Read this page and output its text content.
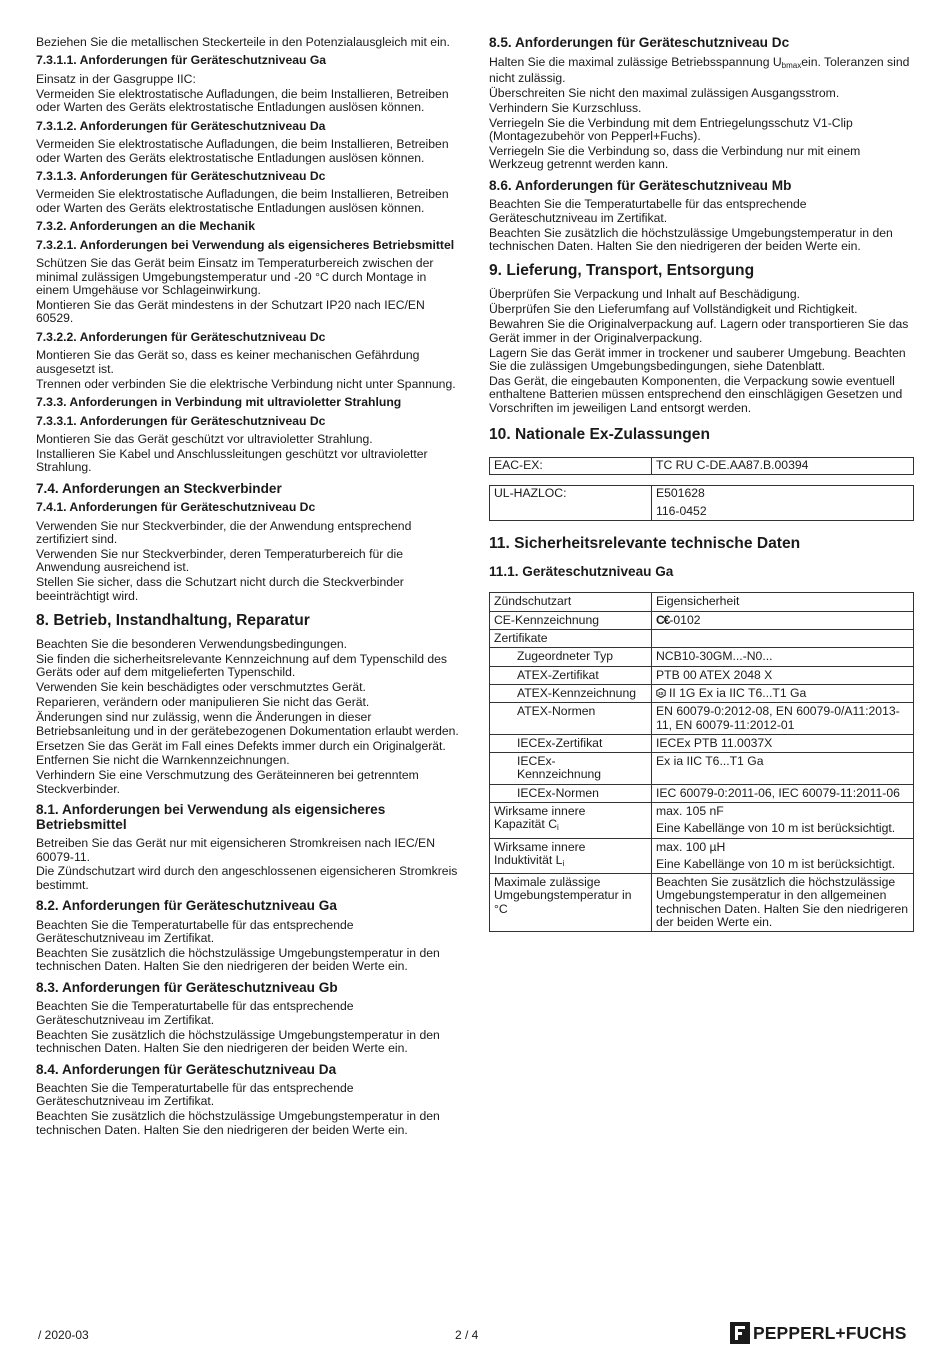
Beziehen Sie die metallischen Steckerteile in den Potenzialausgleich mit ein.

7.3.1.1. Anforderungen für Geräteschutzniveau Ga

Einsatz in der Gasgruppe IIC:

Vermeiden Sie elektrostatische Aufladungen, die beim Installieren, Betreiben oder Warten des Geräts elektrostatische Entladungen auslösen können.

7.3.1.2. Anforderungen für Geräteschutzniveau Da

Vermeiden Sie elektrostatische Aufladungen, die beim Installieren, Betreiben oder Warten des Geräts elektrostatische Entladungen auslösen können.

7.3.1.3. Anforderungen für Geräteschutzniveau Dc

Vermeiden Sie elektrostatische Aufladungen, die beim Installieren, Betreiben oder Warten des Geräts elektrostatische Entladungen auslösen können.

7.3.2. Anforderungen an die Mechanik
7.3.2.1. Anforderungen bei Verwendung als eigensicheres Betriebsmittel

Schützen Sie das Gerät beim Einsatz im Temperaturbereich zwischen der minimal zulässigen Umgebungstemperatur und -20 °C durch Montage in einem Umgehäuse vor Schlageinwirkung.

Montieren Sie das Gerät mindestens in der Schutzart IP20 nach IEC/EN 60529.

7.3.2.2. Anforderungen für Geräteschutzniveau Dc

Montieren Sie das Gerät so, dass es keiner mechanischen Gefährdung ausgesetzt ist.

Trennen oder verbinden Sie die elektrische Verbindung nicht unter Spannung.

7.3.3. Anforderungen in Verbindung mit ultravioletter Strahlung
7.3.3.1. Anforderungen für Geräteschutzniveau Dc

Montieren Sie das Gerät geschützt vor ultravioletter Strahlung.

Installieren Sie Kabel und Anschlussleitungen geschützt vor ultravioletter Strahlung.

7.4. Anforderungen an Steckverbinder
7.4.1. Anforderungen für Geräteschutzniveau Dc

Verwenden Sie nur Steckverbinder, die der Anwendung entsprechend zertifiziert sind.

Verwenden Sie nur Steckverbinder, deren Temperaturbereich für die Anwendung ausreichend ist.

Stellen Sie sicher, dass die Schutzart nicht durch die Steckverbinder beeinträchtigt wird.

8. Betrieb, Instandhaltung, Reparatur

Beachten Sie die besonderen Verwendungsbedingungen.

Sie finden die sicherheitsrelevante Kennzeichnung auf dem Typenschild des Geräts oder auf dem mitgelieferten Typenschild.

Verwenden Sie kein beschädigtes oder verschmutztes Gerät.

Reparieren, verändern oder manipulieren Sie nicht das Gerät.

Änderungen sind nur zulässig, wenn die Änderungen in dieser Betriebsanleitung und in der gerätebezogenen Dokumentation erlaubt werden.

Ersetzen Sie das Gerät im Fall eines Defekts immer durch ein Originalgerät.

Entfernen Sie nicht die Warnkennzeichnungen.

Verhindern Sie eine Verschmutzung des Geräteinneren bei getrenntem Steckverbinder.

8.1. Anforderungen bei Verwendung als eigensicheres Betriebsmittel

Betreiben Sie das Gerät nur mit eigensicheren Stromkreisen nach IEC/EN 60079-11.

Die Zündschutzart wird durch den angeschlossenen eigensicheren Stromkreis bestimmt.

8.2. Anforderungen für Geräteschutzniveau Ga

Beachten Sie die Temperaturtabelle für das entsprechende Geräteschutzniveau im Zertifikat.

Beachten Sie zusätzlich die höchstzulässige Umgebungstemperatur in den technischen Daten. Halten Sie den niedrigeren der beiden Werte ein.

8.3. Anforderungen für Geräteschutzniveau Gb

Beachten Sie die Temperaturtabelle für das entsprechende Geräteschutzniveau im Zertifikat.

Beachten Sie zusätzlich die höchstzulässige Umgebungstemperatur in den technischen Daten. Halten Sie den niedrigeren der beiden Werte ein.

8.4. Anforderungen für Geräteschutzniveau Da

Beachten Sie die Temperaturtabelle für das entsprechende Geräteschutzniveau im Zertifikat.

Beachten Sie zusätzlich die höchstzulässige Umgebungstemperatur in den technischen Daten. Halten Sie den niedrigeren der beiden Werte ein.

8.5. Anforderungen für Geräteschutzniveau Dc

Halten Sie die maximal zulässige Betriebsspannung $U_{bmax}ein$. Toleranzen sind nicht zulässig.

Überschreiten Sie nicht den maximal zulässigen Ausgangsstrom.

Verhindern Sie Kurzschluss.

Verriegeln Sie die Verbindung mit dem Entriegelungsschutz V1-Clip (Montagezubehör von Pepperl+Fuchs).

Verriegeln Sie die Verbindung so, dass die Verbindung nur mit einem Werkzeug getrennt werden kann.

8.6. Anforderungen für Geräteschutzniveau Mb

Beachten Sie die Temperaturtabelle für das entsprechende Geräteschutzniveau im Zertifikat.

Beachten Sie zusätzlich die höchstzulässige Umgebungstemperatur in den technischen Daten. Halten Sie den niedrigeren der beiden Werte ein.

9. Lieferung, Transport, Entsorgung

Überprüfen Sie Verpackung und Inhalt auf Beschädigung.

Überprüfen Sie den Lieferumfang auf Vollständigkeit und Richtigkeit.

Bewahren Sie die Originalverpackung auf. Lagern oder transportieren Sie das Gerät immer in der Originalverpackung.

Lagern Sie das Gerät immer in trockener und sauberer Umgebung. Beachten Sie die zulässigen Umgebungsbedingungen, siehe Datenblatt.

Das Gerät, die eingebauten Komponenten, die Verpackung sowie eventuell enthaltene Batterien müssen entsprechend den einschlägigen Gesetzen und Vorschriften im jeweiligen Land entsorgt werden.

10. Nationale Ex-Zulassungen
EAC-EX:	TC RU C-DE.AA87.B.00394
UL-HAZLOC:	E501628
116-0452
11. Sicherheitsrelevante technische Daten
11.1. Geräteschutzniveau Ga
Zündschutzart	Eigensicherheit
CE-Kennzeichnung	C​€-0102
Zertifikate	
Zugeordneter Typ	NCB10-30GM...-N0...
ATEX-Zertifikat	PTB 00 ATEX 2048 X
ATEX-Kennzeichnung	εx II 1G Ex ia IIC T6...T1 Ga
ATEX-Normen	EN 60079-0:2012-08, EN 60079-0/A11:2013-11, EN 60079-11:2012-01
IECEx-Zertifikat	IECEx PTB 11.0037X
IECEx-Kennzeichnung	Ex ia IIC T6...T1 Ga
IECEx-Normen	IEC 60079-0:2011-06, IEC 60079-11:2011-06
Wirksame innere Kapazität $C_i$	max. 105 nF
Eine Kabellänge von 10 m ist berücksichtigt.

Wirksame innere Induktivität $L_i$	max. 100 µH
Eine Kabellänge von 10 m ist berücksichtigt.

Maximale zulässige Umgebungstemperatur in °C	Beachten Sie zusätzlich die höchstzulässige Umgebungstemperatur in den allgemeinen technischen Daten. Halten Sie den niedrigeren der beiden Werte ein.
/ 2020-03	2 / 4	PEPPERL+FUCHS
